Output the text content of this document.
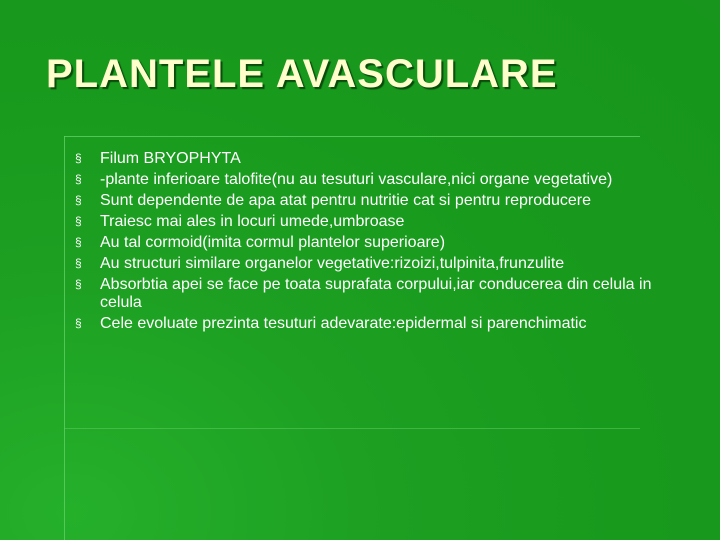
PLANTELE AVASCULARE
§ Filum BRYOPHYTA
§ -plante inferioare talofite(nu au tesuturi vasculare,nici organe vegetative)
§ Sunt dependente de apa atat pentru nutritie cat si pentru reproducere
§ Traiesc mai ales in locuri umede,umbroase
§ Au tal cormoid(imita cormul plantelor superioare)
§ Au structuri similare organelor vegetative:rizoizi,tulpinita,frunzulite
§ Absorbtia apei se face pe toata suprafata corpului,iar conducerea din celula in celula
§ Cele evoluate prezinta tesuturi adevarate:epidermal si parenchimatic
